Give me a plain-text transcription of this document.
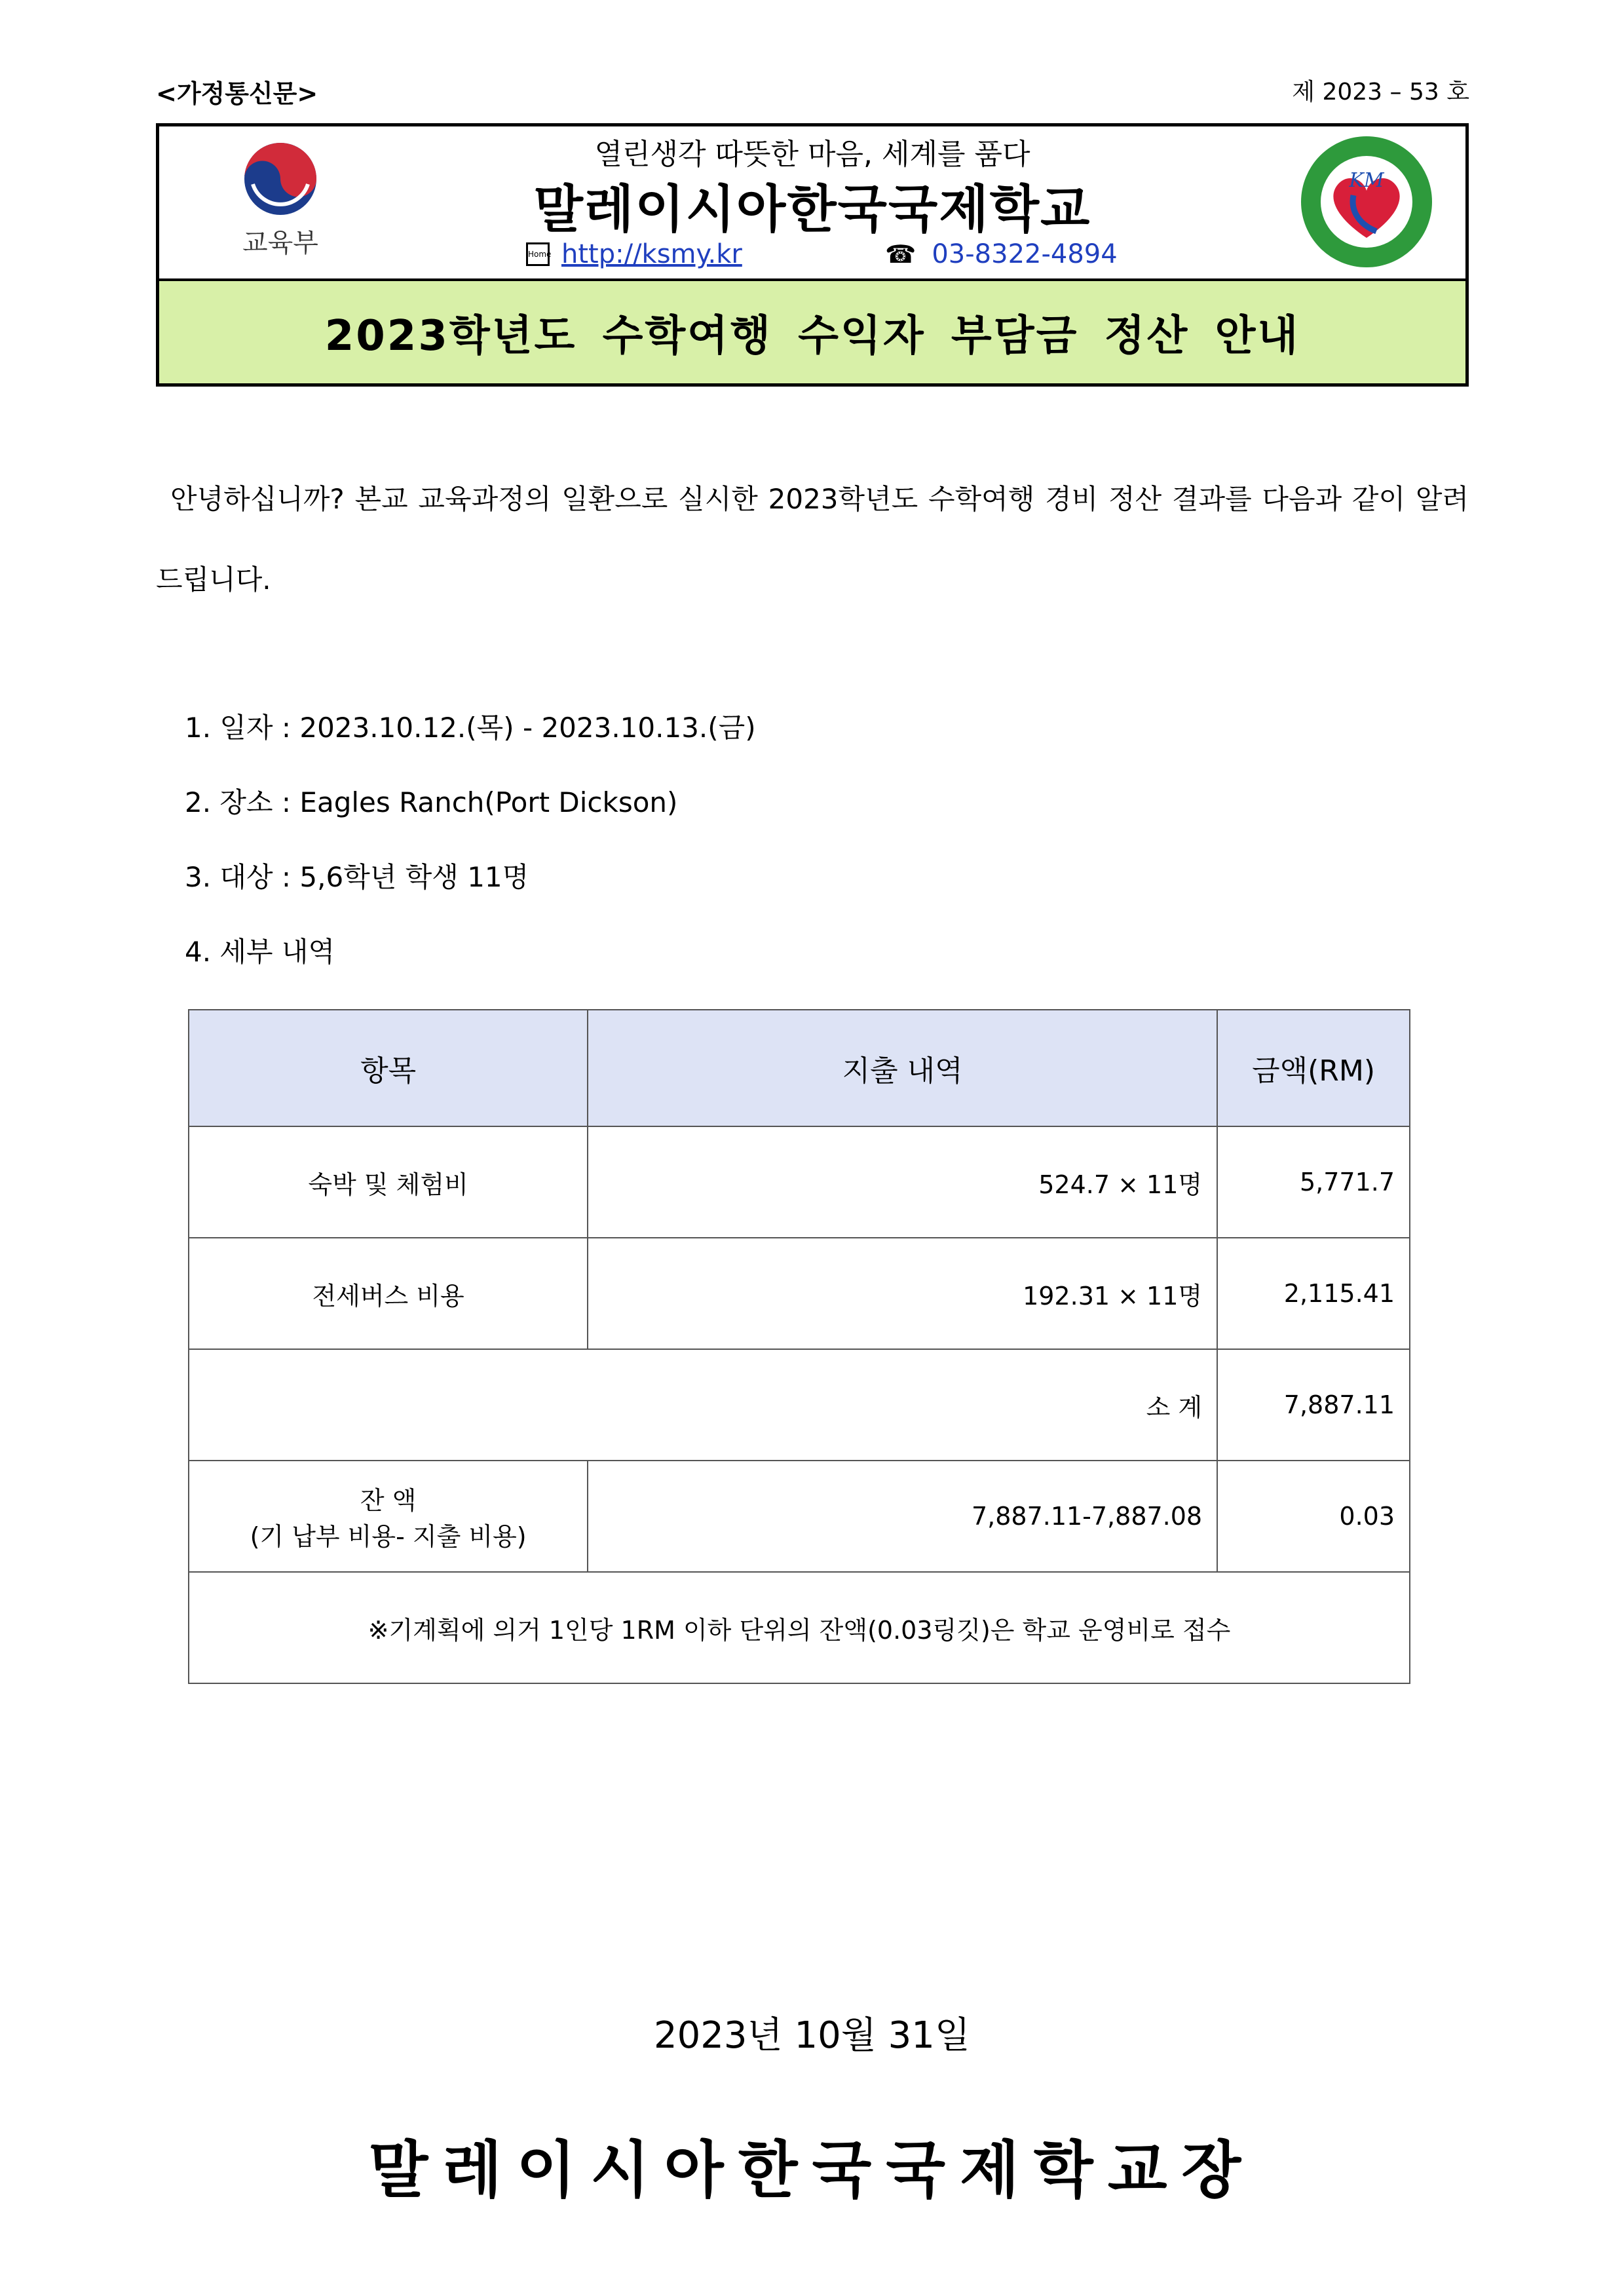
<가정통신문>	제 2023 – 53 호
교육부
열린생각 따뜻한 마음, 세계를 품다
말레이시아한국국제학교
Home http://ksmy.kr	☎ 03-8322-4894
KM
2023학년도 수학여행 수익자 부담금 정산 안내
안녕하십니까? 본교 교육과정의 일환으로 실시한 2023학년도 수학여행 경비 정산 결과를 다음과 같이 알려드립니다.
1. 일자 : 2023.10.12.(목) - 2023.10.13.(금)
2. 장소 : Eagles Ranch(Port Dickson)
3. 대상 : 5,6학년 학생 11명
4. 세부 내역
항목	지출 내역	금액(RM)
숙박 및 체험비	524.7 × 11명	5,771.7
전세버스 비용	192.31 × 11명	2,115.41
소 계		7,887.11

잔 액
(기 납부 비용- 지출 비용)	7,887.11-7,887.08	0.03
※기계획에 의거 1인당 1RM 이하 단위의 잔액(0.03링깃)은 학교 운영비로 접수		
2023년 10월 31일
말레이시아한국국제학교장
